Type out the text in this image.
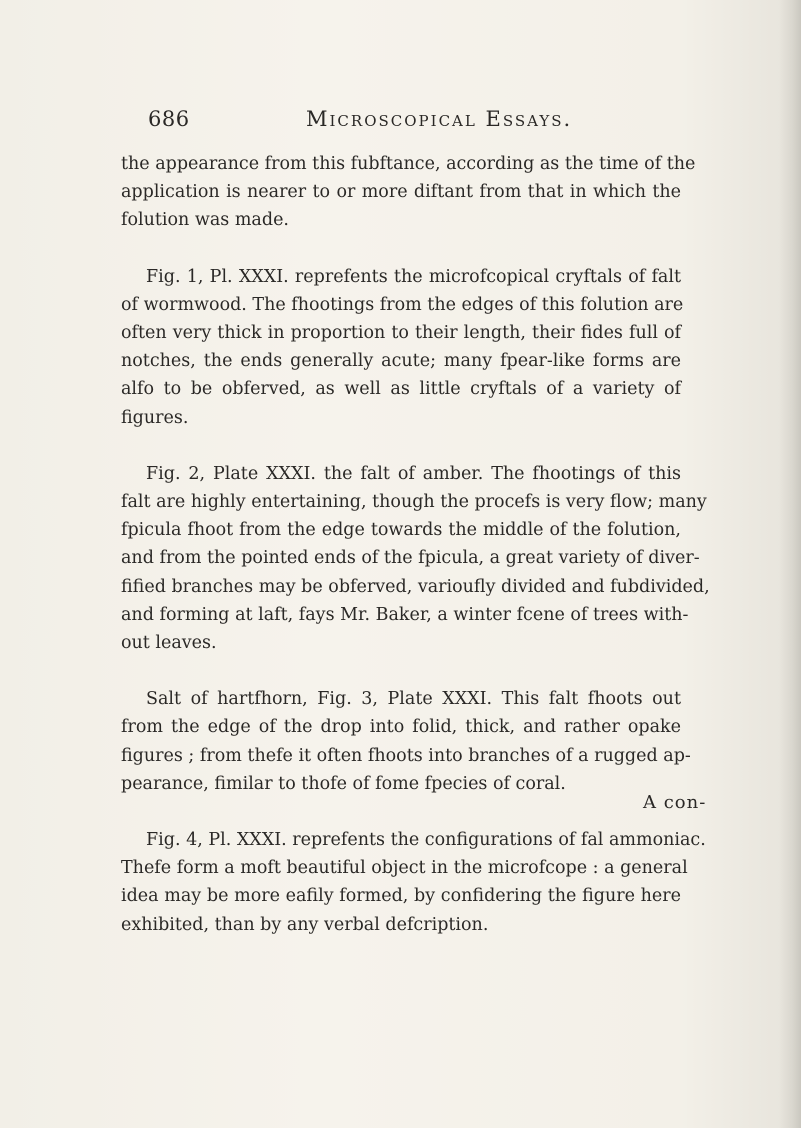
686	Microscopical Essays.
the appearance from this fubftance, according as the time of the
application is nearer to or more diftant from that in which the
folution was made.
Fig. 1, Pl. XXXI. reprefents the microfcopical cryftals of falt
of wormwood. The fhootings from the edges of this folution are
often very thick in proportion to their length, their fides full of
notches, the ends generally acute; many fpear-like forms are
alfo to be obferved, as well as little cryftals of a variety of
figures.
Fig. 2, Plate XXXI. the falt of amber. The fhootings of this
falt are highly entertaining, though the procefs is very flow; many
fpicula fhoot from the edge towards the middle of the folution,
and from the pointed ends of the fpicula, a great variety of diver-
fified branches may be obferved, varioufly divided and fubdivided,
and forming at laft, fays Mr. Baker, a winter fcene of trees with-
out leaves.
Salt of hartfhorn, Fig. 3, Plate XXXI. This falt fhoots out
from the edge of the drop into folid, thick, and rather opake
figures ; from thefe it often fhoots into branches of a rugged ap-
pearance, fimilar to thofe of fome fpecies of coral.
Fig. 4, Pl. XXXI. reprefents the configurations of fal ammoniac.
Thefe form a moft beautiful object in the microfcope : a general
idea may be more eafily formed, by confidering the figure here
exhibited, than by any verbal defcription.
A con-
